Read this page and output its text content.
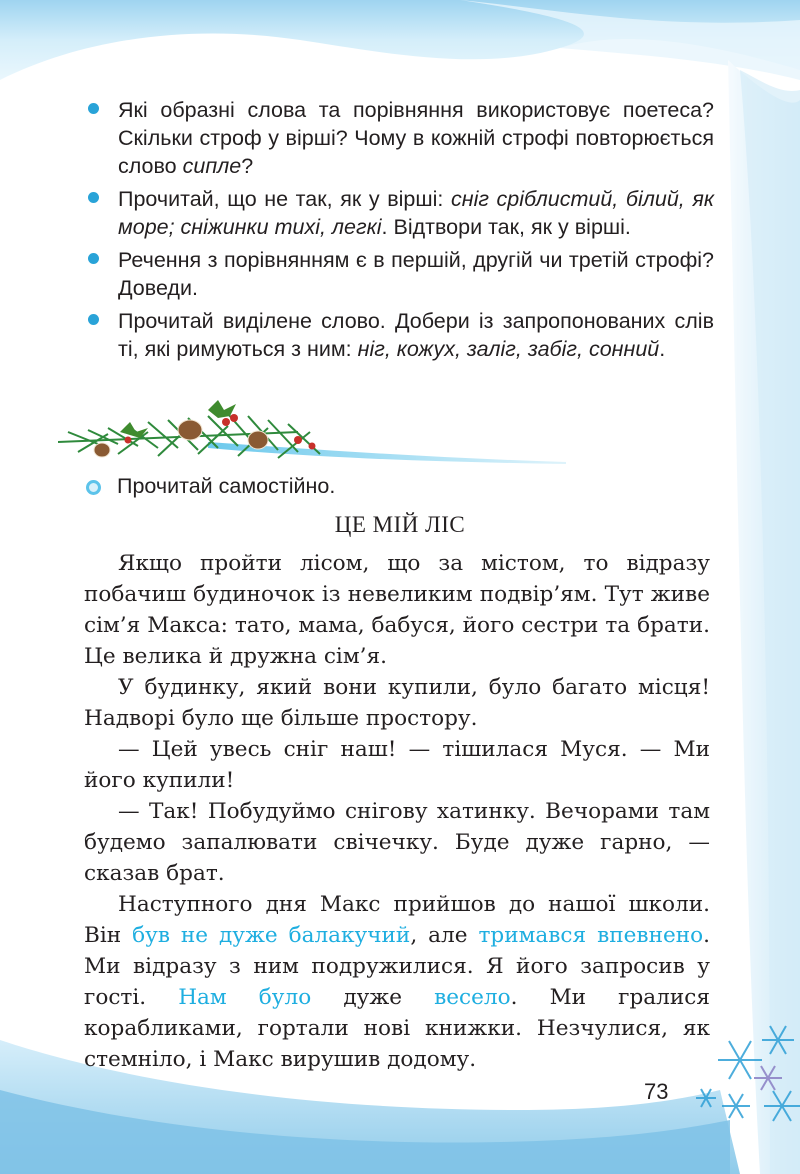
Які образні слова та порівняння використовує поетеса? Скільки строф у вірші? Чому в кожній строфі повторюється слово сипле?
Прочитай, що не так, як у вірші: сніг сріблистий, білий, як море; сніжинки тихі, легкі. Відтвори так, як у вірші.
Речення з порівнянням є в першій, другій чи третій строфі? Доведи.
Прочитай виділене слово. Добери із запропонованих слів ті, які римуються з ним: ніг, кожух, заліг, забіг, сонний.
Прочитай самостійно.
ЦЕ МІЙ ЛІС

Якщо пройти лісом, що за містом, то відразу побачиш будиночок із невеликим подвір’ям. Тут живе сім’я Макса: тато, мама, бабуся, його сестри та брати. Це велика й дружна сім’я.

У будинку, який вони купили, було багато місця! Надворі було ще більше простору.

— Цей увесь сніг наш! — тішилася Муся. — Ми його купили!

— Так! Побудуймо снігову хатинку. Вечорами там будемо запалювати свічечку. Буде дуже гарно, — сказав брат.

Наступного дня Макс прийшов до нашої школи. Він був не дуже балакучий, але тримався впевнено. Ми відразу з ним подружилися. Я його запросив у гості. Нам було дуже весело. Ми гралися корабликами, гортали нові книжки. Незчулися, як стемніло, і Макс вирушив додому.

73
